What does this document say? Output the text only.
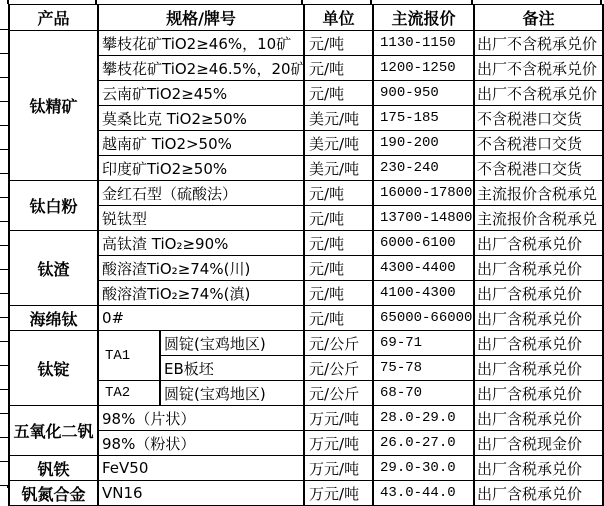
产品	规格/牌号		单位	主流报价	备注
钛精矿	攀枝花矿TiO2≥46%，10矿		元/吨	1130-1150	出厂不含税承兑价
	攀枝花矿TiO2≥46.5%，20矿		元/吨	1200-1250	出厂不含税承兑价
	云南矿TiO2≥45%		元/吨	900-950	出厂不含税承兑价
	莫桑比克 TiO2≥50%		美元/吨	175-185	不含税港口交货
	越南矿 TiO2>50%		美元/吨	190-200	不含税港口交货
	印度矿TiO2≥50%		美元/吨	230-240	不含税港口交货
钛白粉	金红石型（硫酸法）		元/吨	16000-17800	主流报价含税承兑
	锐钛型		元/吨	13700-14800	主流报价含税承兑
钛渣	高钛渣 TiO₂≥90%		元/吨	6000-6100	出厂含税承兑价
	酸溶渣TiO₂≥74%(川)		元/吨	4300-4400	出厂含税承兑价
	酸溶渣TiO₂≥74%(滇)		元/吨	4100-4300	出厂含税承兑价
海绵钛	0#		元/吨	65000-66000	出厂含税承兑价
钛锭	TA1	圆锭(宝鸡地区)	元/公斤	69-71	出厂含税承兑价
		EB板坯	元/公斤	75-78	出厂含税承兑价
	TA2	圆锭(宝鸡地区)	元/公斤	68-70	出厂含税承兑价
五氧化二钒	98%（片状）		万元/吨	28.0-29.0	出厂含税承兑价
	98%（粉状）		万元/吨	26.0-27.0	出厂含税现金价
钒铁	FeV50		万元/吨	29.0-30.0	出厂含税承兑价
钒氮合金	VN16		万元/吨	43.0-44.0	出厂含税承兑价
